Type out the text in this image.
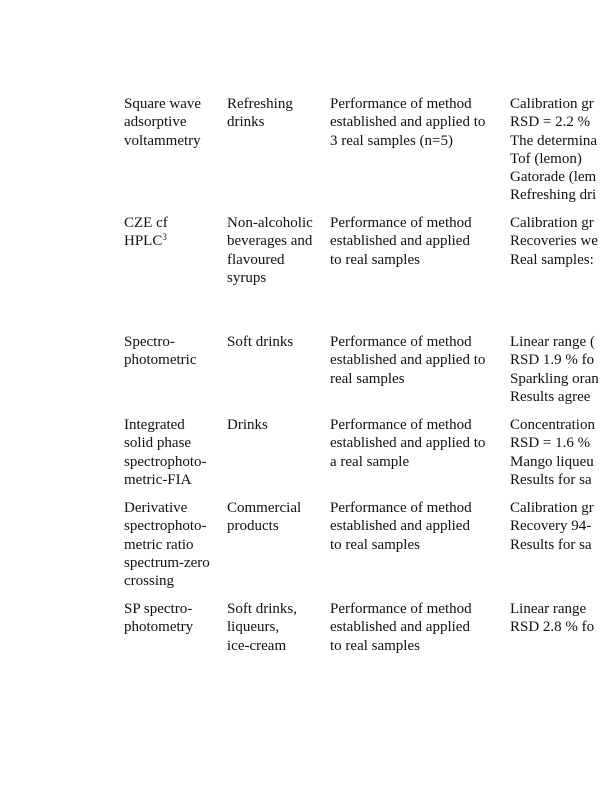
Square wave
adsorptive
voltammetry
Refreshing
drinks
Performance of method
established and applied to
3 real samples (n=5)
Calibration gr
RSD = 2.2 %
The determina
Tof (lemon)
Gatorade (lem
Refreshing dri
CZE cf
HPLC$^3$
Non-alcoholic
beverages and
flavoured
syrups
Performance of method
established and applied
to real samples
Calibration gr
Recoveries we
Real samples:
Spectro-
photometric
Soft drinks	Performance of method
established and applied to
real samples
Linear range (
RSD 1.9 % fo
Sparkling oran
Results agree
Integrated
solid phase
spectrophoto-
metric-FIA
Drinks	Performance of method
established and applied to
a real sample
Concentration
RSD = 1.6 %
Mango liqueu
Results for sa
Derivative
spectrophoto-
metric ratio
spectrum-zero
crossing
Commercial
products
Performance of method
established and applied
to real samples
Calibration gr
Recovery 94-
Results for sa
SP spectro-
photometry
Soft drinks,
liqueurs,
ice-cream
Performance of method
established and applied
to real samples
Linear range
RSD 2.8 % fo
